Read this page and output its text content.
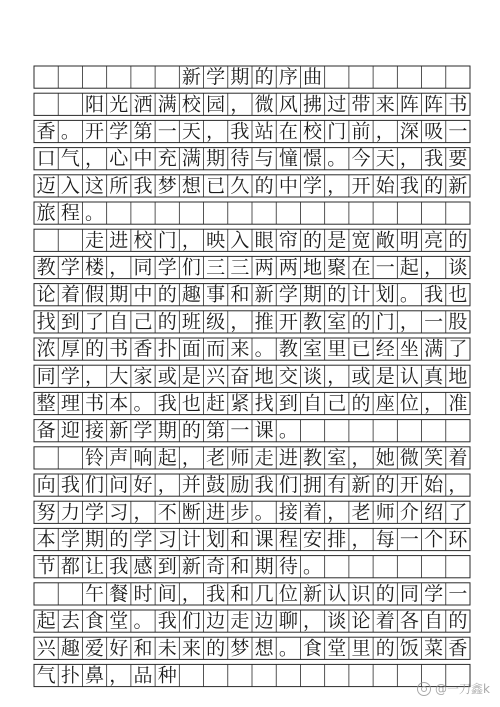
新 学 期 的 序 曲
阳 光 洒 满 校 园 ， 微 风 拂 过 带 来 阵 阵 书
香 。 开 学 第 一 天 ， 我 站 在 校 门 前 ， 深 吸 一
口 气 ， 心 中 充 满 期 待 与 憧 憬 。 今 天 ， 我 要
迈 入 这 所 我 梦 想 已 久 的 中 学 ， 开 始 我 的 新
旅 程 。
走 进 校 门 ， 映 入 眼 帘 的 是 宽 敞 明 亮 的
教 学 楼 ， 同 学 们 三 三 两 两 地 聚 在 一 起 ， 谈
论 着 假 期 中 的 趣 事 和 新 学 期 的 计 划 。 我 也
找 到 了 自 己 的 班 级 ， 推 开 教 室 的 门 ， 一 股
浓 厚 的 书 香 扑 面 而 来 。 教 室 里 已 经 坐 满 了
同 学 ， 大 家 或 是 兴 奋 地 交 谈 ， 或 是 认 真 地
整 理 书 本 。 我 也 赶 紧 找 到 自 己 的 座 位 ， 准
备 迎 接 新 学 期 的 第 一 课 。
铃 声 响 起 ， 老 师 走 进 教 室 ， 她 微 笑 着
向 我 们 问 好 ， 并 鼓 励 我 们 拥 有 新 的 开 始 ，
努 力 学 习 ， 不 断 进 步 。 接 着 ， 老 师 介 绍 了
本 学 期 的 学 习 计 划 和 课 程 安 排 ， 每 一 个 环
节 都 让 我 感 到 新 奇 和 期 待 。
午 餐 时 间 ， 我 和 几 位 新 认 识 的 同 学 一
起 去 食 堂 。 我 们 边 走 边 聊 ， 谈 论 着 各 自 的
兴 趣 爱 好 和 未 来 的 梦 想 。 食 堂 里 的 饭 菜 香
气 扑 鼻 ， 品 种
@一刀鑫k
